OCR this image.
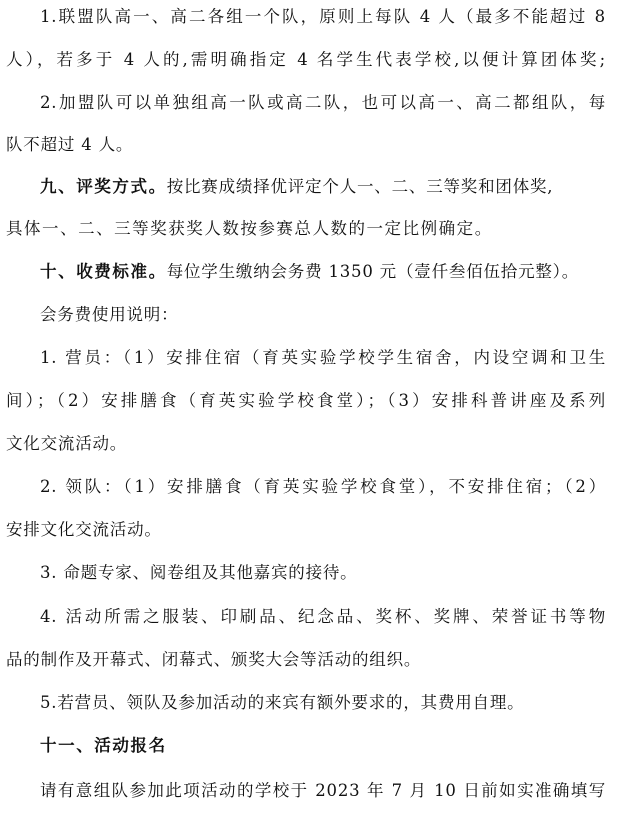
1.联盟队高一、高二各组一个队，原则上每队 4 人（最多不能超过 8
人），若多于 4 人的,需明确指定 4 名学生代表学校,以便计算团体奖;
2.加盟队可以单独组高一队或高二队，也可以高一、高二都组队，每
队不超过 4 人。
九、评奖方式。 按比赛成绩择优评定个人一、二、三等奖和团体奖,
具体一、二、三等奖获奖人数按参赛总人数的一定比例确定。
十、收费标准。 每位学生缴纳会务费 1350 元（壹仟叁佰伍拾元整）。
会务费使用说明：
1. 营员：（1）安排住宿（育英实验学校学生宿舍，内设空调和卫生
间）；（2）安排膳食（育英实验学校食堂）；（3）安排科普讲座及系列
文化交流活动。
2. 领队：（1）安排膳食（育英实验学校食堂），不安排住宿；（2）
安排文化交流活动。
3. 命题专家、阅卷组及其他嘉宾的接待。
4. 活动所需之服装、印刷品、纪念品、奖杯、奖牌、荣誉证书等物
品的制作及开幕式、闭幕式、颁奖大会等活动的组织。
5.若营员、领队及参加活动的来宾有额外要求的，其费用自理。
十一、活动报名
请有意组队参加此项活动的学校于 2023 年 7 月 10 日前如实准确填写
